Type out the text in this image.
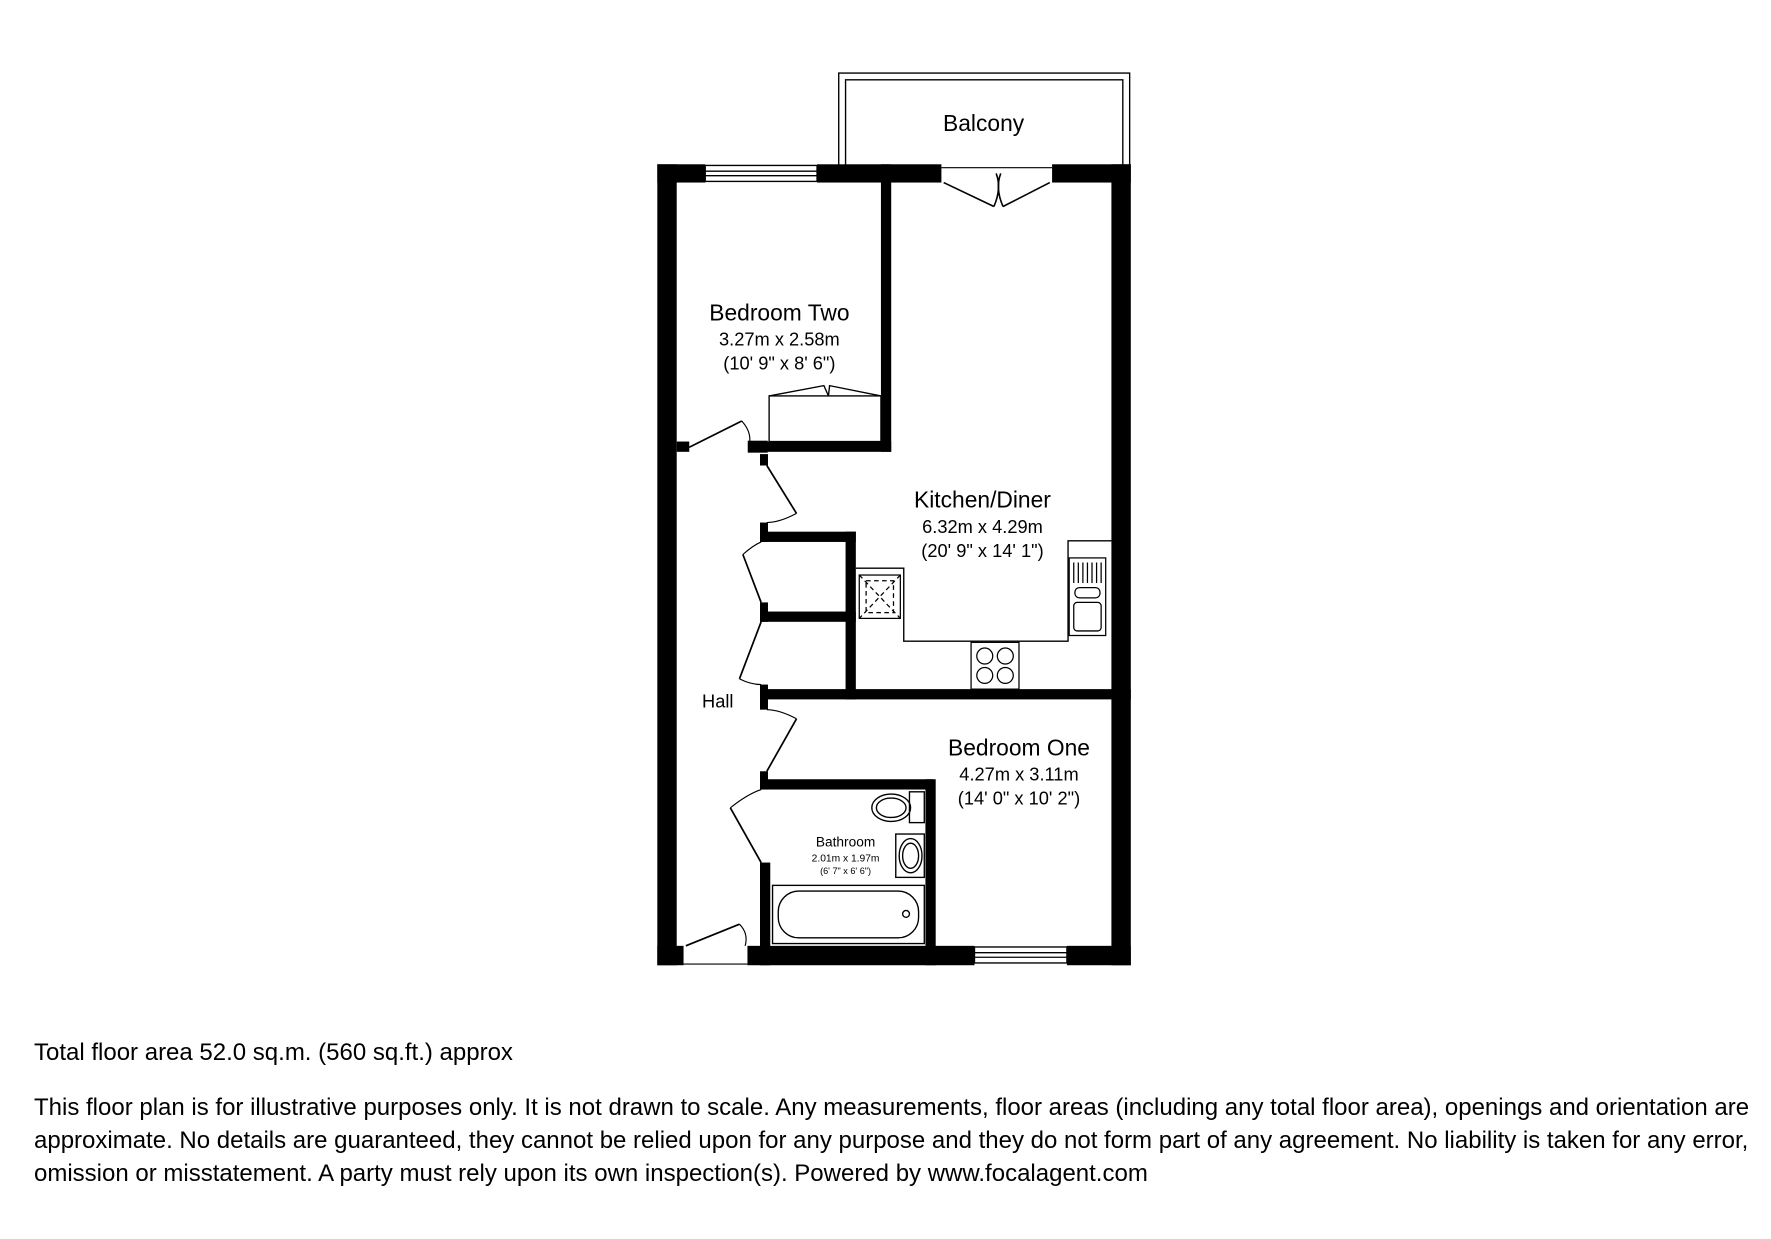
Balcony
Bedroom Two
3.27m x 2.58m
(10' 9" x 8' 6")
Kitchen/Diner
6.32m x 4.29m
(20' 9" x 14' 1")
Hall
Bedroom One
4.27m x 3.11m
(14' 0" x 10' 2")
Bathroom
2.01m x 1.97m
(6' 7" x 6' 6")
Total floor area 52.0 sq.m. (560 sq.ft.) approx
This floor plan is for illustrative purposes only. It is not drawn to scale. Any measurements, floor areas (including any total floor area), openings and orientation are approximate. No details are guaranteed, they cannot be relied upon for any purpose and they do not form part of any agreement. No liability is taken for any error, omission or misstatement. A party must rely upon its own inspection(s). Powered by www.focalagent.com
